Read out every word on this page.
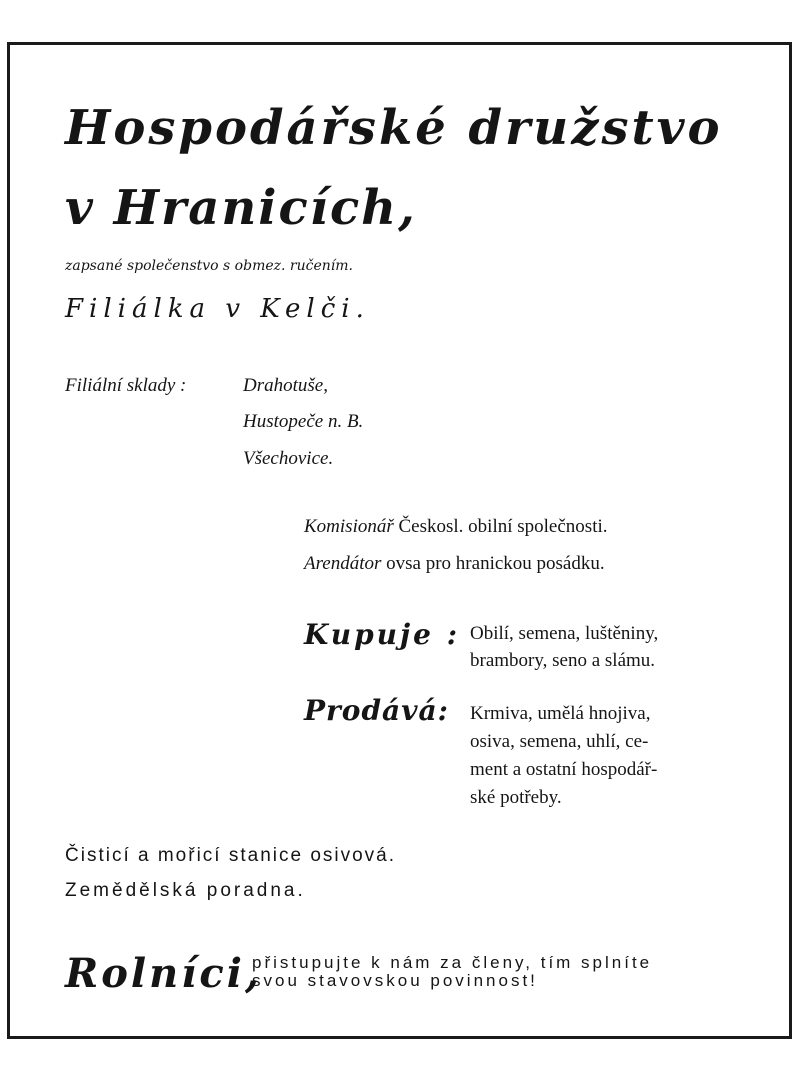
Hospodářské družstvo
v Hranicích,
zapsané společenstvo s obmez. ručením.
Filiálka v Kelči.
Filiální sklady :	Drahotuše,
Hustopeče n. B.
Všechovice.
Komisionář Českosl. obilní společnosti.
Arendátor ovsa pro hranickou posádku.
Kupuje : Obilí, semena, luštěniny,
brambory, seno a slámu.
Prodává: Krmiva, umělá hnojiva,
osiva, semena, uhlí, ce-
ment a ostatní hospodář-
ské potřeby.
Čisticí a mořicí stanice osivová.
Zemědělská poradna.
Rolníci,
přistupujte k nám za členy, tím splníte
svou stavovskou povinnost!
